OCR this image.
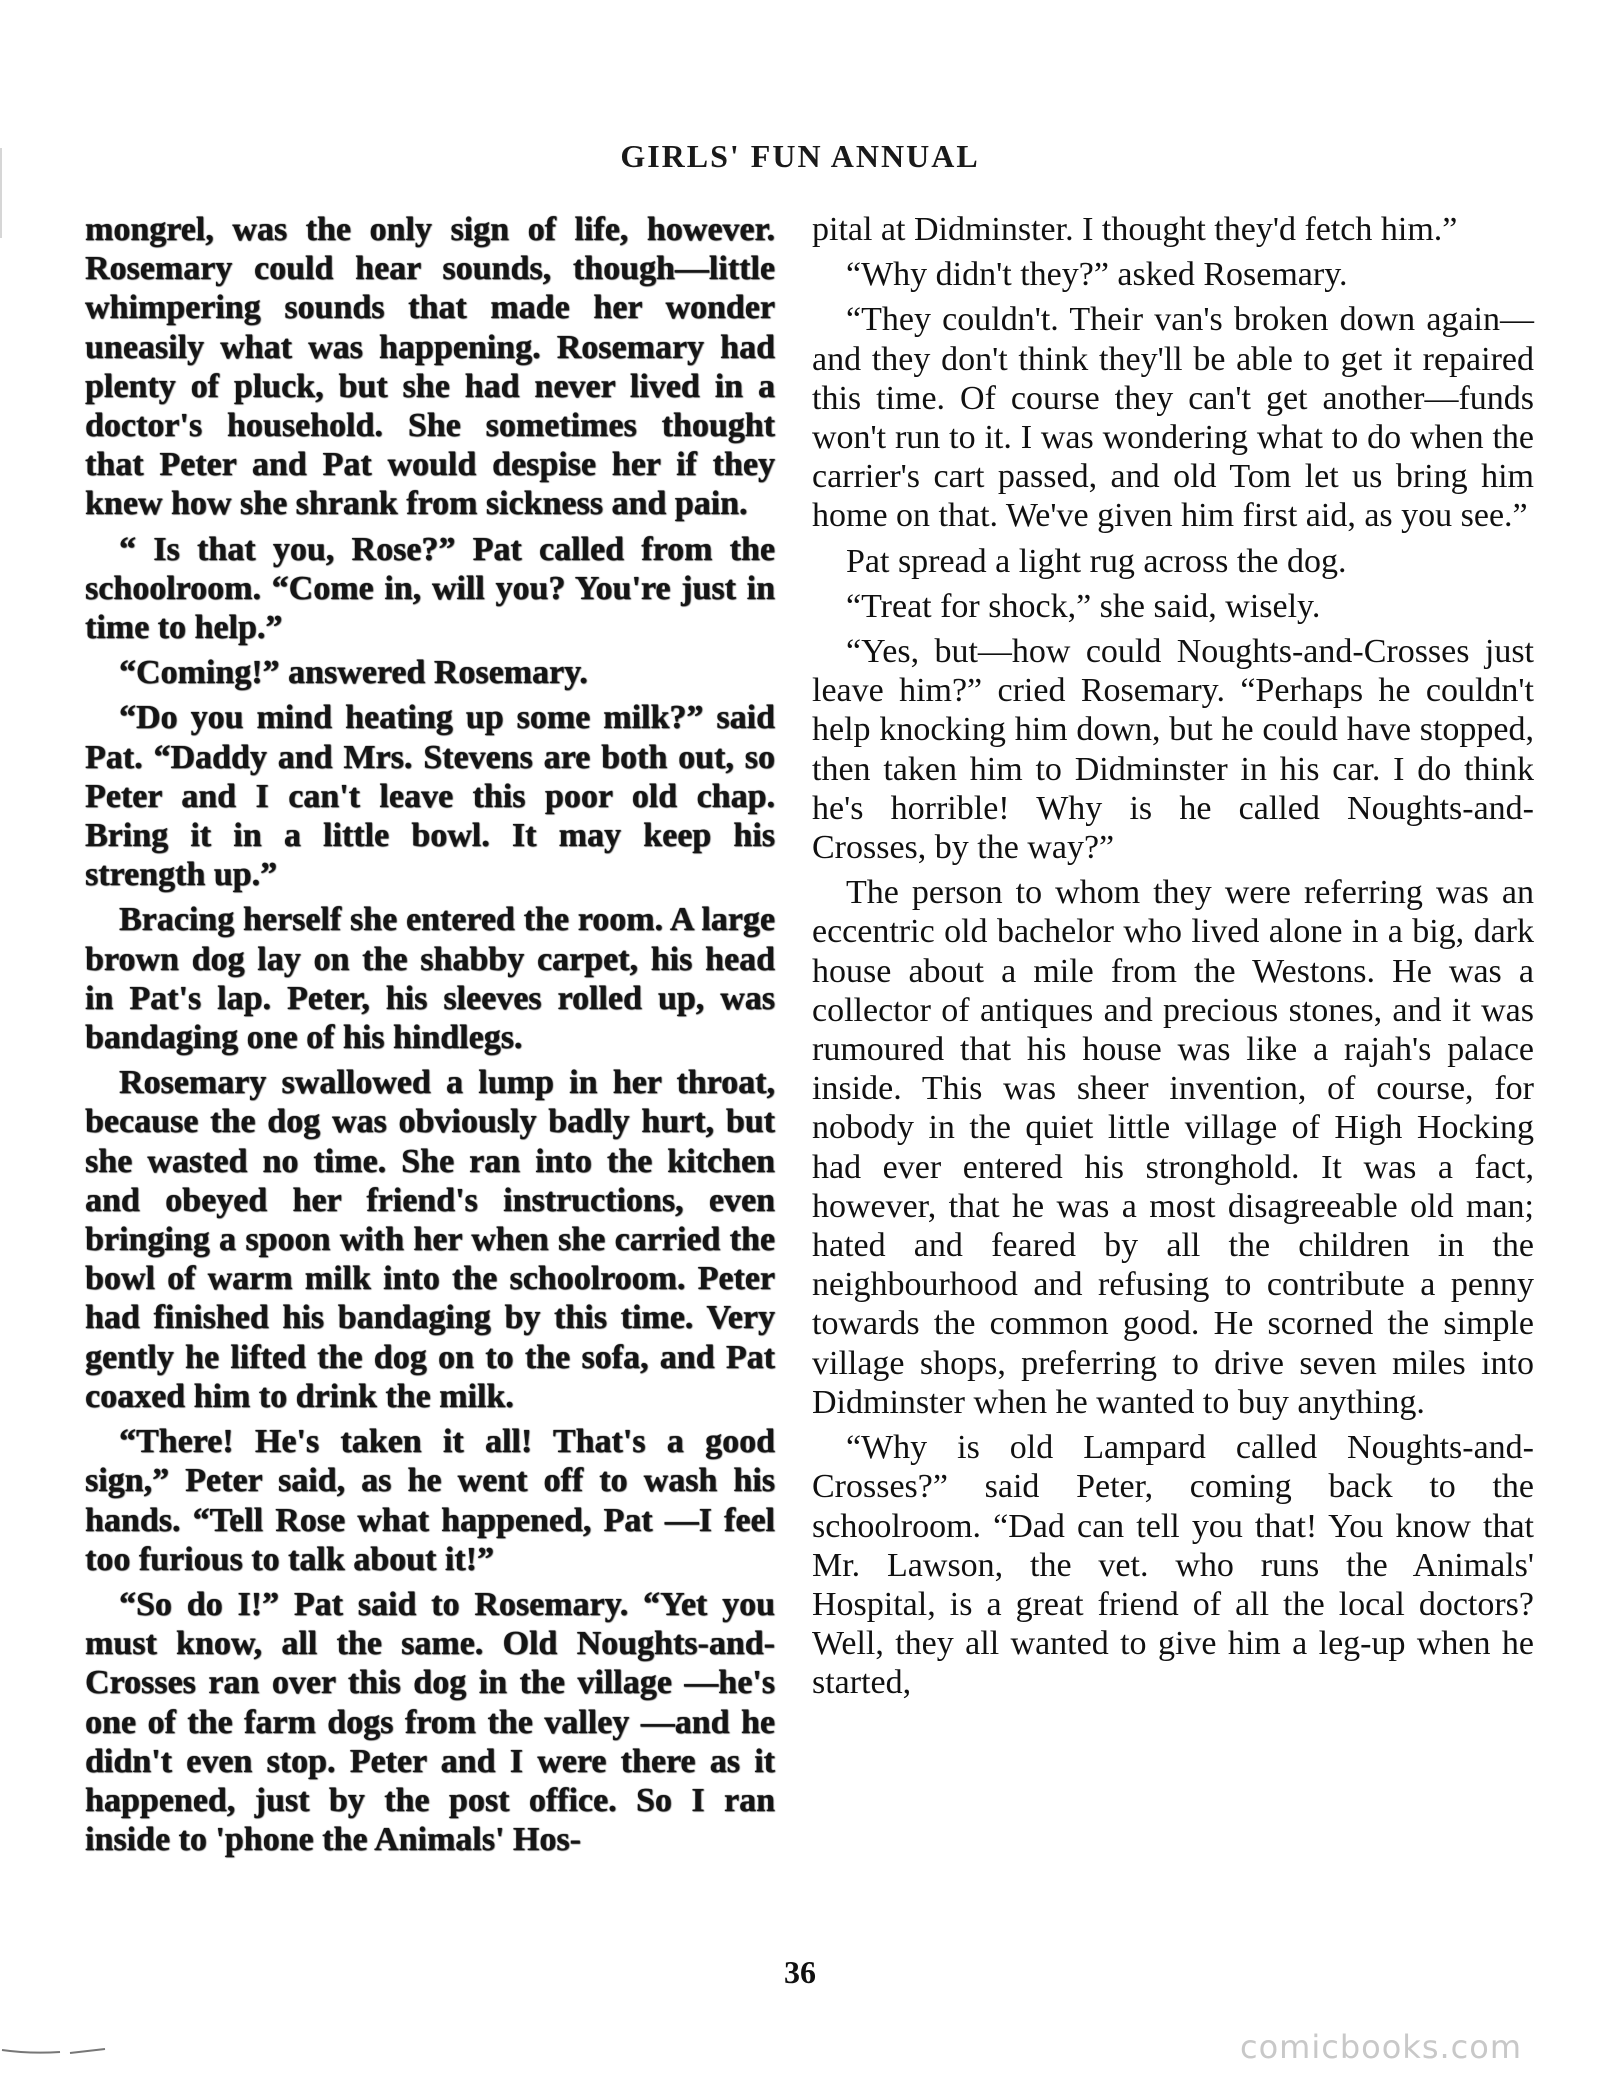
GIRLS' FUN ANNUAL

mongrel, was the only sign of life, however. Rosemary could hear sounds, though—little whimpering sounds that made her wonder uneasily what was happening. Rosemary had plenty of pluck, but she had never lived in a doctor's household. She sometimes thought that Peter and Pat would despise her if they knew how she shrank from sickness and pain.

“ Is that you, Rose?” Pat called from the schoolroom. “Come in, will you? You're just in time to help.”

“Coming!” answered Rosemary.

“Do you mind heating up some milk?” said Pat. “Daddy and Mrs. Stevens are both out, so Peter and I can't leave this poor old chap. Bring it in a little bowl. It may keep his strength up.”

Bracing herself she entered the room. A large brown dog lay on the shabby carpet, his head in Pat's lap. Peter, his sleeves rolled up, was bandaging one of his hindlegs.

Rosemary swallowed a lump in her throat, because the dog was obviously badly hurt, but she wasted no time. She ran into the kitchen and obeyed her friend's instructions, even bringing a spoon with her when she carried the bowl of warm milk into the schoolroom. Peter had finished his bandaging by this time. Very gently he lifted the dog on to the sofa, and Pat coaxed him to drink the milk.

“There! He's taken it all! That's a good sign,” Peter said, as he went off to wash his hands. “Tell Rose what happened, Pat —I feel too furious to talk about it!”

“So do I!” Pat said to Rosemary. “Yet you must know, all the same. Old Noughts-and-Crosses ran over this dog in the village —he's one of the farm dogs from the valley —and he didn't even stop. Peter and I were there as it happened, just by the post office. So I ran inside to 'phone the Animals' Hos-

pital at Didminster. I thought they'd fetch him.”

“Why didn't they?” asked Rosemary.

“They couldn't. Their van's broken down again—and they don't think they'll be able to get it repaired this time. Of course they can't get another—funds won't run to it. I was wondering what to do when the carrier's cart passed, and old Tom let us bring him home on that. We've given him first aid, as you see.”

Pat spread a light rug across the dog.

“Treat for shock,” she said, wisely.

“Yes, but—how could Noughts-and-Crosses just leave him?” cried Rosemary. “Perhaps he couldn't help knocking him down, but he could have stopped, then taken him to Didminster in his car. I do think he's horrible! Why is he called Noughts-and-Crosses, by the way?”

The person to whom they were referring was an eccentric old bachelor who lived alone in a big, dark house about a mile from the Westons. He was a collector of antiques and precious stones, and it was rumoured that his house was like a rajah's palace inside. This was sheer invention, of course, for nobody in the quiet little village of High Hocking had ever entered his stronghold. It was a fact, however, that he was a most disagreeable old man; hated and feared by all the children in the neighbourhood and refusing to contribute a penny towards the common good. He scorned the simple village shops, preferring to drive seven miles into Didminster when he wanted to buy anything.

“Why is old Lampard called Noughts-and-Crosses?” said Peter, coming back to the schoolroom. “Dad can tell you that! You know that Mr. Lawson, the vet. who runs the Animals' Hospital, is a great friend of all the local doctors? Well, they all wanted to give him a leg-up when he started,

36
comicbooks.com
